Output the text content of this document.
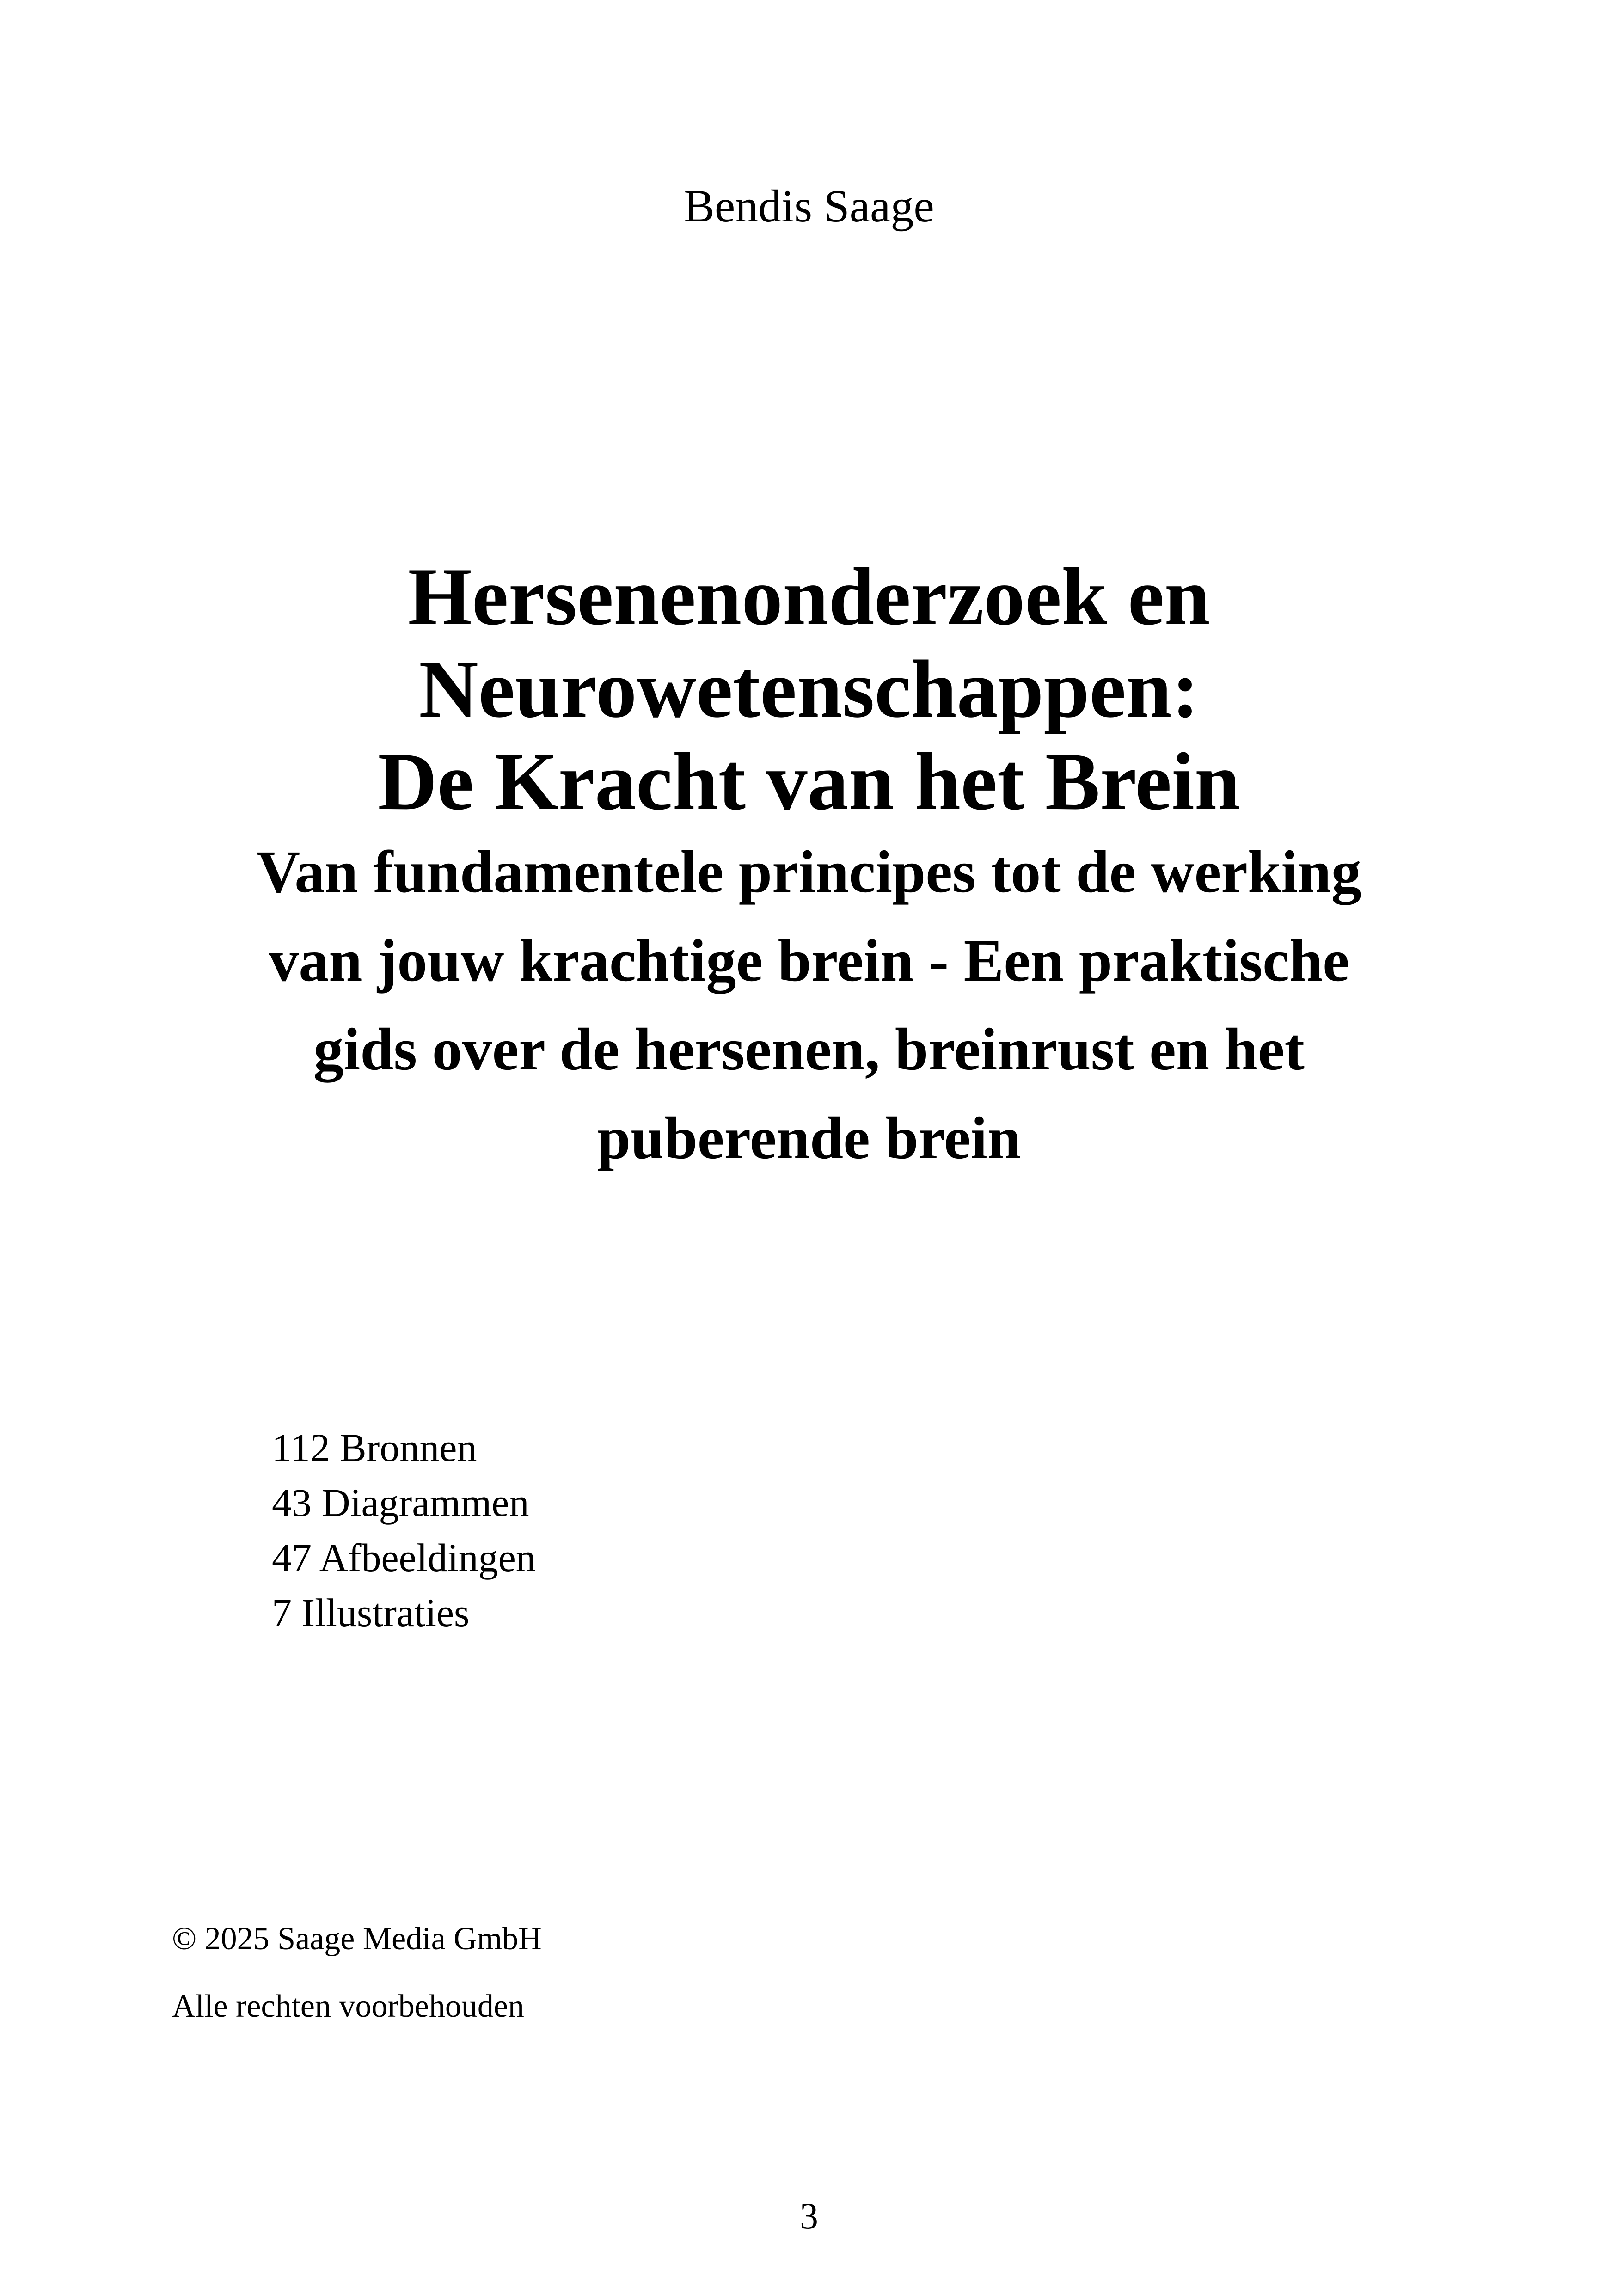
Bendis Saage
Hersenenonderzoek en
Neurowetenschappen:
De Kracht van het Brein
Van fundamentele principes tot de werking
van jouw krachtige brein - Een praktische
gids over de hersenen, breinrust en het
puberende brein
112 Bronnen
43 Diagrammen
47 Afbeeldingen
7 Illustraties
© 2025 Saage Media GmbH
Alle rechten voorbehouden
3
